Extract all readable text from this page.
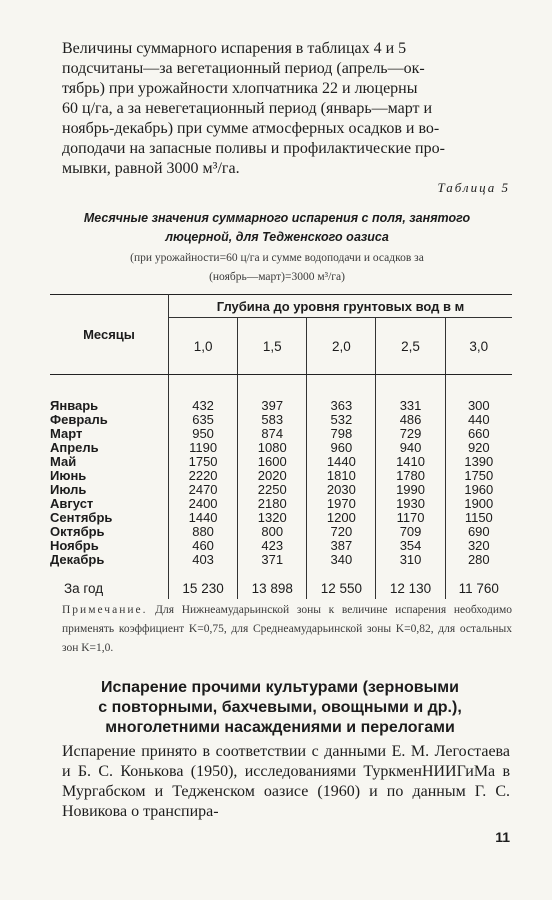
Величины суммарного испарения в таблицах 4 и 5
подсчитаны—за вегетационный период (апрель—ок-
тябрь) при урожайности хлопчатника 22 и люцерны
60 ц/га, а за невегетационный период (январь—март и
ноябрь-декабрь) при сумме атмосферных осадков и во-
доподачи на запасные поливы и профилактические про-
мывки, равной 3000 м³/га.

Таблица 5

Месячные значения суммарного испарения с поля, занятого
люцерной, для Тедженского оазиса

(при урожайности=60 ц/га и сумме водоподачи и осадков за
(ноябрь—март)=3000 м³/га)

Месяцы	Глубина до уровня грунтовых вод в м				
	1,0	1,5	2,0	2,5	3,0

Январь	432	397	363	331	300
Февраль	635	583	532	486	440
Март	950	874	798	729	660
Апрель	1190	1080	960	940	920
Май	1750	1600	1440	1410	1390
Июнь	2220	2020	1810	1780	1750
Июль	2470	2250	2030	1990	1960
Август	2400	2180	1970	1930	1900
Сентябрь	1440	1320	1200	1170	1150
Октябрь	880	800	720	709	690
Ноябрь	460	423	387	354	320
Декабрь	403	371	340	310	280

За год	15 230	13 898	12 550	12 130	11 760

Примечание. Для Нижнеамударьинской зоны к величине испарения необходимо применять коэффициент K=0,75, для Среднеамударьинской зоны K=0,82, для остальных зон K=1,0.

Испарение прочими культурами (зерновыми
с повторными, бахчевыми, овощными и др.),
многолетними насаждениями и перелогами

Испарение принято в соответствии с данными Е. М. Легостаева и Б. С. Конькова (1950), исследованиями ТуркменНИИГиМа в Мургабском и Тедженском оазисе (1960) и по данным Г. С. Новикова о транспира-

11
